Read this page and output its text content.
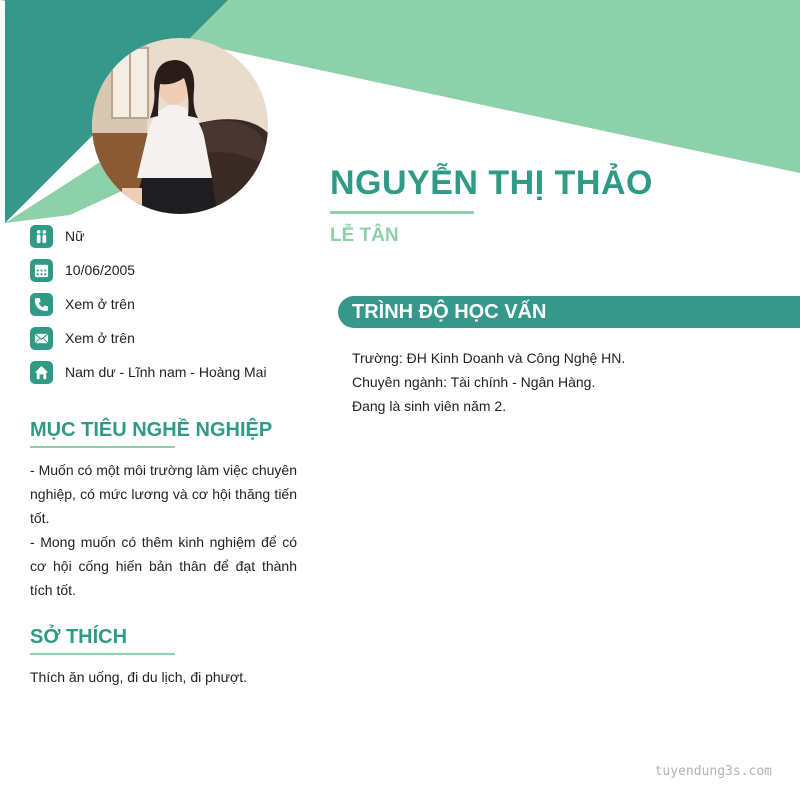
NGUYỄN THỊ THẢO
LỄ TÂN
Nữ
10/06/2005
Xem ở trên
Xem ở trên
Nam dư - Lĩnh nam - Hoàng Mai
MỤC TIÊU NGHỀ NGHIỆP

- Muốn có một môi trường làm việc chuyên nghiệp, có mức lương và cơ hội thăng tiến tốt.
- Mong muốn có thêm kinh nghiệm để có cơ hội cống hiến bản thân để đạt thành tích tốt.

SỞ THÍCH

Thích ăn uống, đi du lịch, đi phượt.

TRÌNH ĐỘ HỌC VẤN
Trường: ĐH Kinh Doanh và Công Nghệ HN.
Chuyên ngành: Tài chính - Ngân Hàng.
Đang là sinh viên năm 2.
tuyendung3s.com
